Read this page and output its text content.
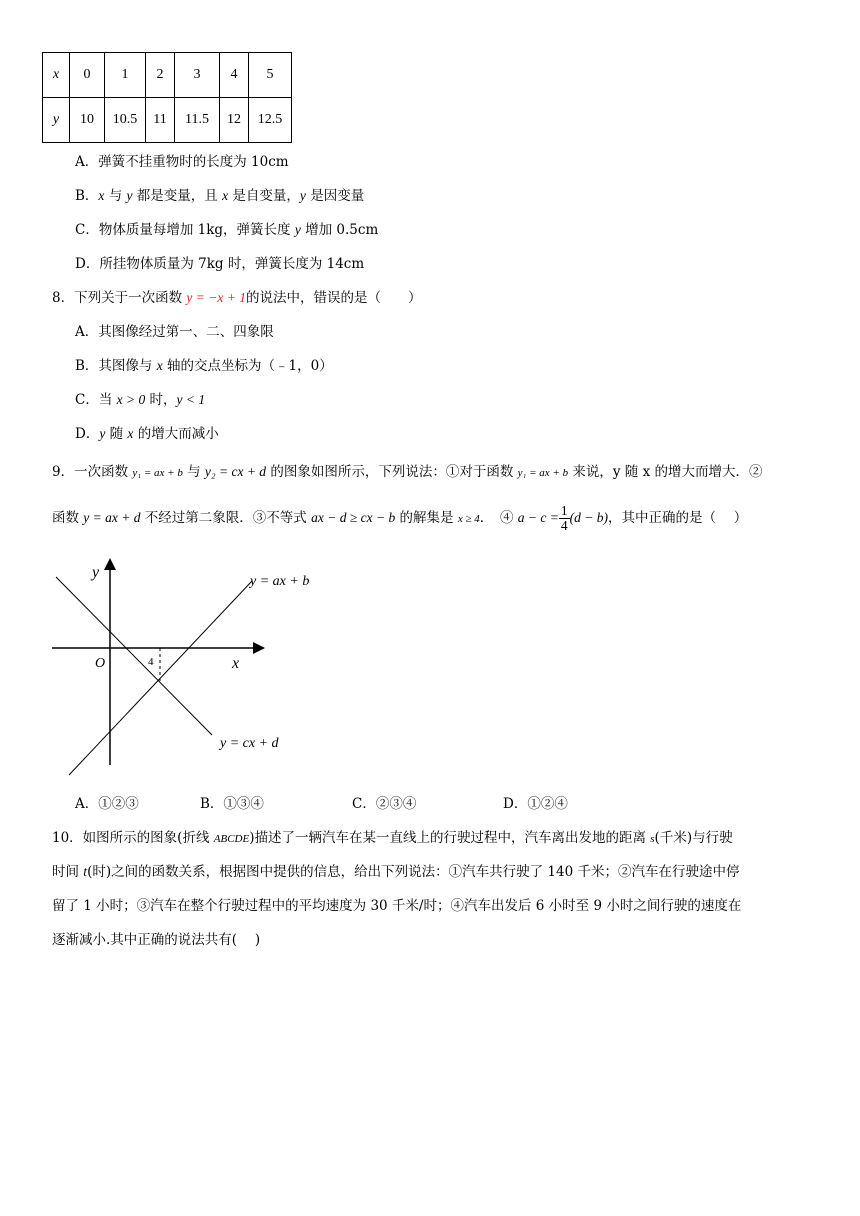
x	0	1	2	3	4	5
y	10	10.5	11	11.5	12	12.5
A．弹簧不挂重物时的长度为 10cm
B．x 与 y 都是变量，且 x 是自变量，y 是因变量
C．物体质量每增加 1kg，弹簧长度 y 增加 0.5cm
D．所挂物体质量为 7kg 时，弹簧长度为 14cm
8．下列关于一次函数 y = −x + 1的说法中，错误的是（　　）
A．其图像经过第一、二、四象限
B．其图像与 x 轴的交点坐标为（﹣1，0）
C．当 x > 0 时，y < 1
D．y 随 x 的增大而减小
9．一次函数 y₁ = ax + b 与 y₂ = cx + d 的图象如图所示，下列说法：①对于函数 y₁ = ax + b 来说，y 随 x 的增大而增大．②
函数 y = ax + d 不经过第二象限．③不等式 ax − d ≥ cx − b 的解集是 x ≥ 4．　④ $a - c = \frac{1}{4} (d - b)$，其中正确的是（　 ）
y
x
O	4
y = ax + b
y = cx + d
A．①②③	B．①③④	C．②③④	D．①②④
10．如图所示的图象(折线 ABCDE)描述了一辆汽车在某一直线上的行驶过程中，汽车离出发地的距离 s(千米)与行驶
时间 t(时)之间的函数关系，根据图中提供的信息，给出下列说法：①汽车共行驶了 140 千米；②汽车在行驶途中停
留了 1 小时；③汽车在整个行驶过程中的平均速度为 30 千米/时；④汽车出发后 6 小时至 9 小时之间行驶的速度在
逐渐减小.其中正确的说法共有(　 )
